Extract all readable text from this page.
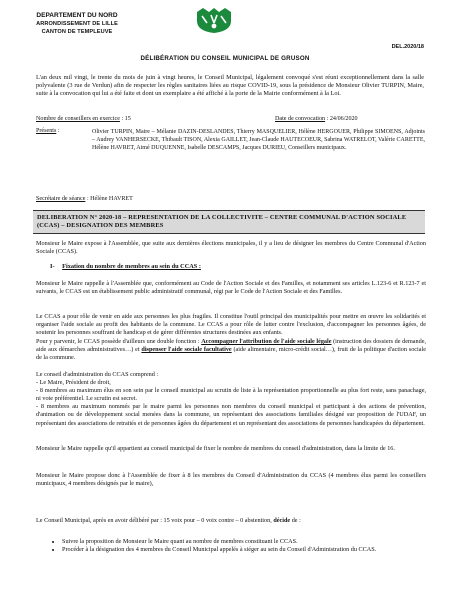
DEPARTEMENT DU NORD
ARRONDISSEMENT DE LILLE
CANTON DE TEMPLEUVE
DEL.2020/18
DÉLIBÉRATION DU CONSEIL MUNICIPAL DE GRUSON
L'an deux mil vingt, le trente du mois de juin à vingt heures, le Conseil Municipal, légalement convoqué s'est réuni exceptionnellement dans la salle polyvalente (3 rue de Verdun) afin de respecter les règles sanitaires liées au risque COVID-19, sous la présidence de Monsieur Olivier TURPIN, Maire, suite à la convocation qui lui a été faite et dont un exemplaire a été affiché à la porte de la Mairie conformément à la Loi.
Nombre de conseillers en exercice : 15	Date de convocation : 24/06/2020
Présents :	Olivier TURPIN, Maire – Mélanie DAZIN-DESLANDES, Thierry MASQUELIER, Hélène HERGOUER, Philippe SIMOENS, Adjoints – Audrey VANHERSECKE, Thibault TISON, Alexia GAILLET, Jean-Claude HAUTECOEUR, Sabrina WATRELOT, Valérie CARETTE, Hélène HAVRET, Aimé DUQUENNE, Isabelle DESCAMPS, Jacques DURIEU, Conseillers municipaux.
Secrétaire de séance : Hélène HAVRET
DELIBERATION N° 2020-18 – REPRESENTATION DE LA COLLECTIVITE – CENTRE COMMUNAL D'ACTION SOCIALE (CCAS) – DESIGNATION DES MEMBRES
Monsieur le Maire expose à l'Assemblée, que suite aux dernières élections municipales, il y a lieu de désigner les membres du Centre Communal d'Action Sociale (CCAS).
I- Fixation du nombre de membres au sein du CCAS :
Monsieur le Maire rappelle à l'Assemblée que, conformément au Code de l'Action Sociale et des Familles, et notamment ses articles L.123-6 et R.123-7 et suivants, le CCAS est un établissement public administratif communal, régi par le Code de l'Action Sociale et des Familles.
Le CCAS a pour rôle de venir en aide aux personnes les plus fragiles. Il constitue l'outil principal des municipalités pour mettre en œuvre les solidarités et organiser l'aide sociale au profit des habitants de la commune. Le CCAS a pour rôle de lutter contre l'exclusion, d'accompagner les personnes âgées, de soutenir les personnes souffrant de handicap et de gérer différentes structures destinées aux enfants.
Pour y parvenir, le CCAS possède d'ailleurs une double fonction : Accompagner l'attribution de l'aide sociale légale (instruction des dossiers de demande, aide aux démarches administratives…) et dispenser l'aide sociale facultative (aide alimentaire, micro-crédit social…), fruit de la politique d'action sociale de la commune.
Le conseil d'administration du CCAS comprend :
- Le Maire, Président de droit,
- 8 membres au maximum élus en son sein par le conseil municipal au scrutin de liste à la représentation proportionnelle au plus fort reste, sans panachage, ni vote préférentiel. Le scrutin est secret.
- 8 membres au maximum nommés par le maire parmi les personnes non membres du conseil municipal et participant à des actions de prévention, d'animation ou de développement social menées dans la commune, un représentant des associations familiales désigné sur proposition de l'UDAF, un représentant des associations de retraités et de personnes âgées du département et un représentant des associations de personnes handicapées du département.
Monsieur le Maire rappelle qu'il appartient au conseil municipal de fixer le nombre de membres du conseil d'administration, dans la limite de 16.
Monsieur le Maire propose donc à l'Assemblée de fixer à 8 les membres du Conseil d'Administration du CCAS (4 membres élus parmi les conseillers municipaux, 4 membres désignés par le maire),
Le Conseil Municipal, après en avoir délibéré par : 15 voix pour – 0 voix contre – 0 abstention, décide de :
• Suivre la proposition de Monsieur le Maire quant au nombre de membres constituant le CCAS.
• Procéder à la désignation des 4 membres du Conseil Municipal appelés à siéger au sein du Conseil d'Administration du CCAS.
